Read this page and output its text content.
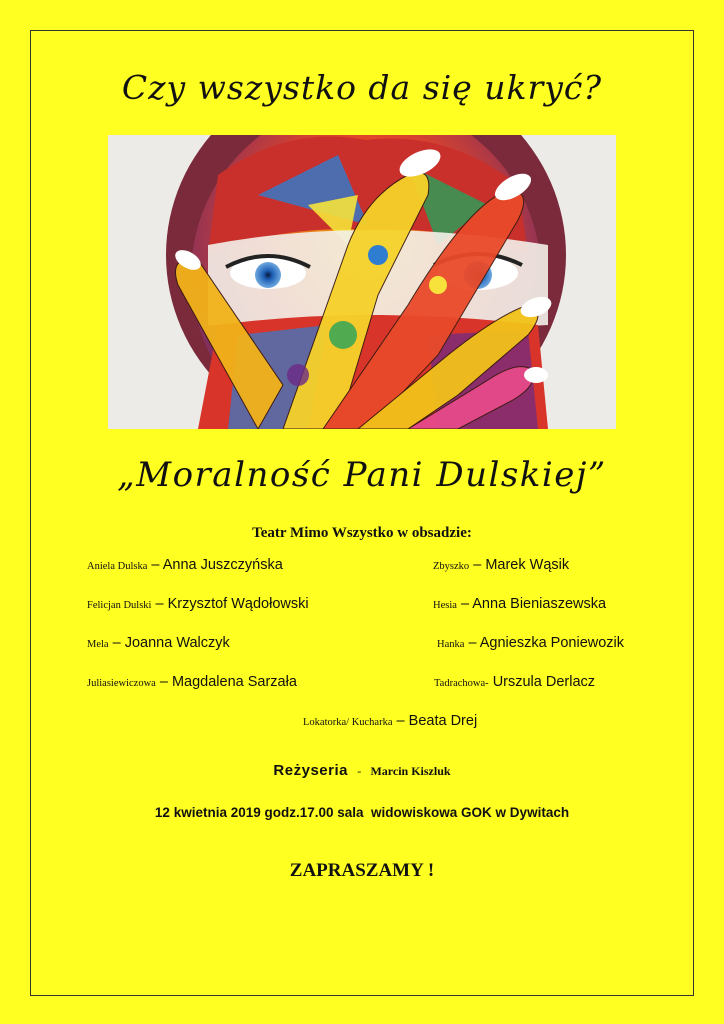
Czy wszystko da się ukryć?
„Moralność Pani Dulskiej”
Teatr Mimo Wszystko w obsadzie:
Aniela Dulska – Anna Juszczyńska	Zbyszko – Marek Wąsik
Felicjan Dulski – Krzysztof Wądołowski	Hesia – Anna Bieniaszewska
Mela – Joanna Walczyk	Hanka – Agnieszka Poniewozik
Juliasiewiczowa – Magdalena Sarzała	Tadrachowa- Urszula Derlacz
Lokatorka/ Kucharka – Beata Drej
Reżyseria - Marcin Kiszluk
12 kwietnia 2019 godz.17.00 sala  widowiskowa GOK w Dywitach
ZAPRASZAMY !
